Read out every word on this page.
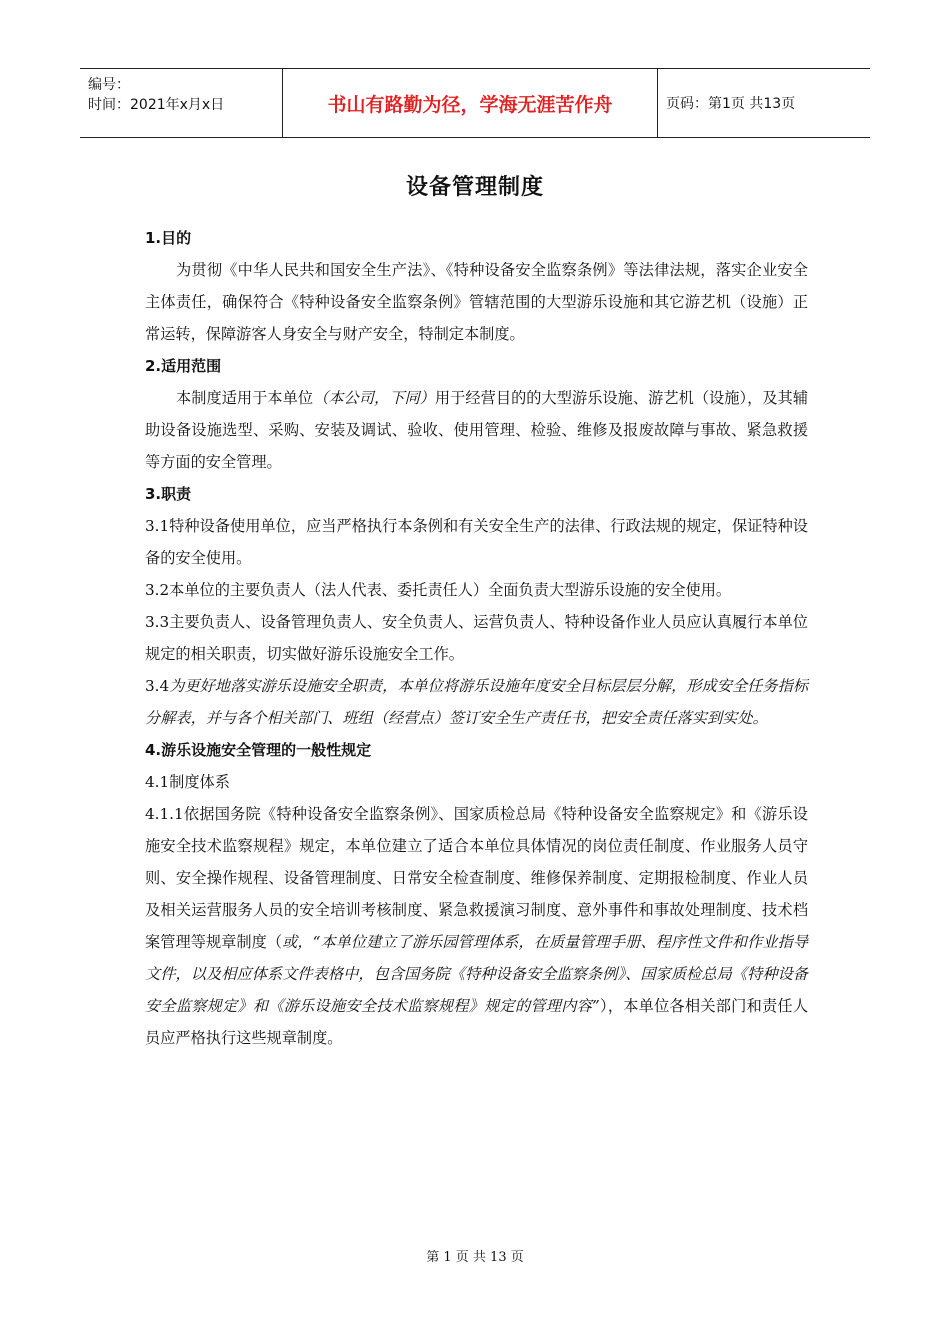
编号：
时间：2021年x月x日	书山有路勤为径，学海无涯苦作舟	页码：第1页 共13页
设备管理制度

1.目的

为贯彻《中华人民共和国安全生产法》、《特种设备安全监察条例》等法律法规，落实企业安全主体责任，确保符合《特种设备安全监察条例》管辖范围的大型游乐设施和其它游艺机（设施）正常运转，保障游客人身安全与财产安全，特制定本制度。

2.适用范围

本制度适用于本单位（本公司，下同）用于经营目的的大型游乐设施、游艺机（设施），及其辅助设备设施选型、采购、安装及调试、验收、使用管理、检验、维修及报废故障与事故、紧急救援等方面的安全管理。

3.职责

3.1特种设备使用单位，应当严格执行本条例和有关安全生产的法律、行政法规的规定，保证特种设备的安全使用。

3.2本单位的主要负责人（法人代表、委托责任人）全面负责大型游乐设施的安全使用。

3.3主要负责人、设备管理负责人、安全负责人、运营负责人、特种设备作业人员应认真履行本单位规定的相关职责，切实做好游乐设施安全工作。

3.4为更好地落实游乐设施安全职责，本单位将游乐设施年度安全目标层层分解，形成安全任务指标分解表，并与各个相关部门、班组（经营点）签订安全生产责任书，把安全责任落实到实处。

4.游乐设施安全管理的一般性规定

4.1制度体系

4.1.1依据国务院《特种设备安全监察条例》、国家质检总局《特种设备安全监察规定》和《游乐设施安全技术监察规程》规定，本单位建立了适合本单位具体情况的岗位责任制度、作业服务人员守则、安全操作规程、设备管理制度、日常安全检查制度、维修保养制度、定期报检制度、作业人员及相关运营服务人员的安全培训考核制度、紧急救援演习制度、意外事件和事故处理制度、技术档案管理等规章制度（或，“本单位建立了游乐园管理体系，在质量管理手册、程序性文件和作业指导文件，以及相应体系文件表格中，包含国务院《特种设备安全监察条例》、国家质检总局《特种设备安全监察规定》和《游乐设施安全技术监察规程》规定的管理内容”），本单位各相关部门和责任人员应严格执行这些规章制度。

第 1 页 共 13 页
